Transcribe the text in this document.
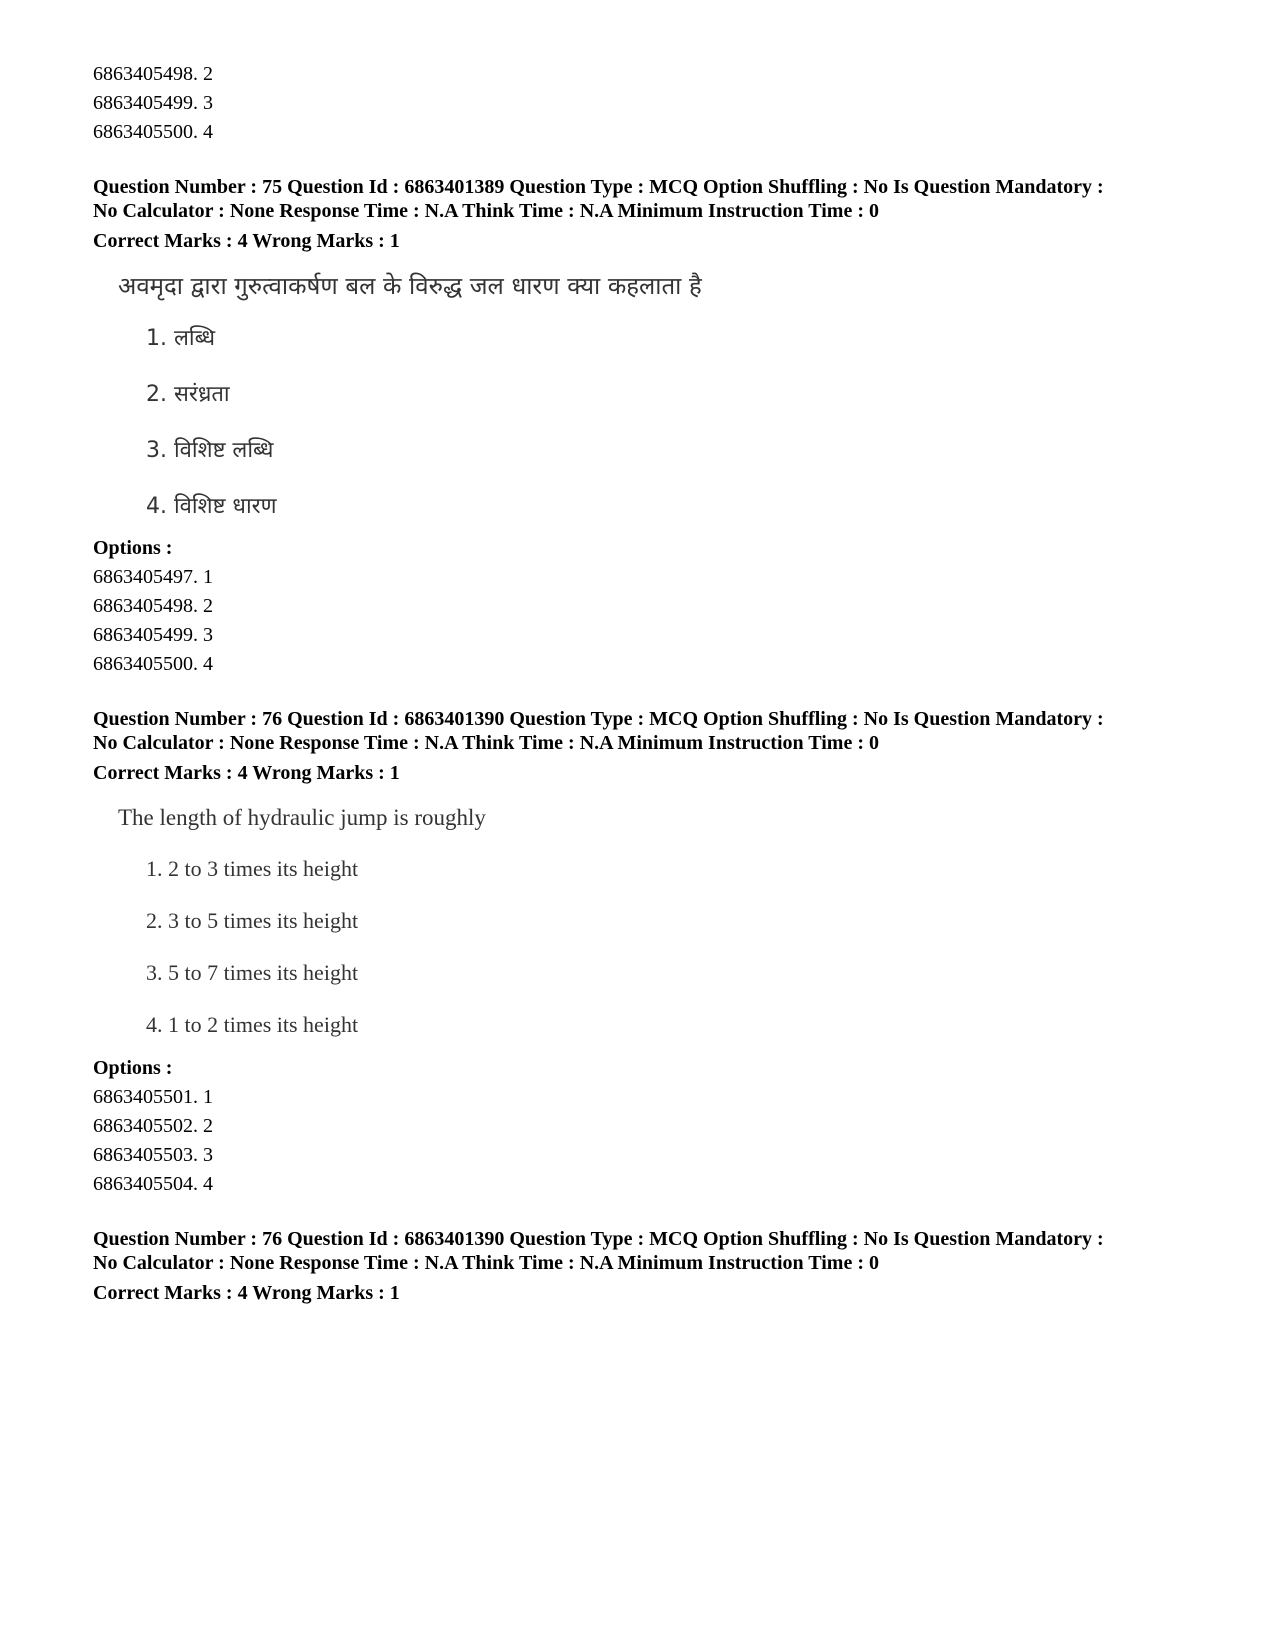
6863405498. 2
6863405499. 3
6863405500. 4
Question Number : 75 Question Id : 6863401389 Question Type : MCQ Option Shuffling : No Is Question Mandatory :
No Calculator : None Response Time : N.A Think Time : N.A Minimum Instruction Time : 0
Correct Marks : 4 Wrong Marks : 1
अवमृदा द्वारा गुरुत्वाकर्षण बल के विरुद्ध जल धारण क्या कहलाता है
1. लब्धि
2. सरंध्रता
3. विशिष्ट लब्धि
4. विशिष्ट धारण
Options :
6863405497. 1
6863405498. 2
6863405499. 3
6863405500. 4
Question Number : 76 Question Id : 6863401390 Question Type : MCQ Option Shuffling : No Is Question Mandatory :
No Calculator : None Response Time : N.A Think Time : N.A Minimum Instruction Time : 0
Correct Marks : 4 Wrong Marks : 1
The length of hydraulic jump is roughly
1. 2 to 3 times its height
2. 3 to 5 times its height
3. 5 to 7 times its height
4. 1 to 2 times its height
Options :
6863405501. 1
6863405502. 2
6863405503. 3
6863405504. 4
Question Number : 76 Question Id : 6863401390 Question Type : MCQ Option Shuffling : No Is Question Mandatory :
No Calculator : None Response Time : N.A Think Time : N.A Minimum Instruction Time : 0
Correct Marks : 4 Wrong Marks : 1
